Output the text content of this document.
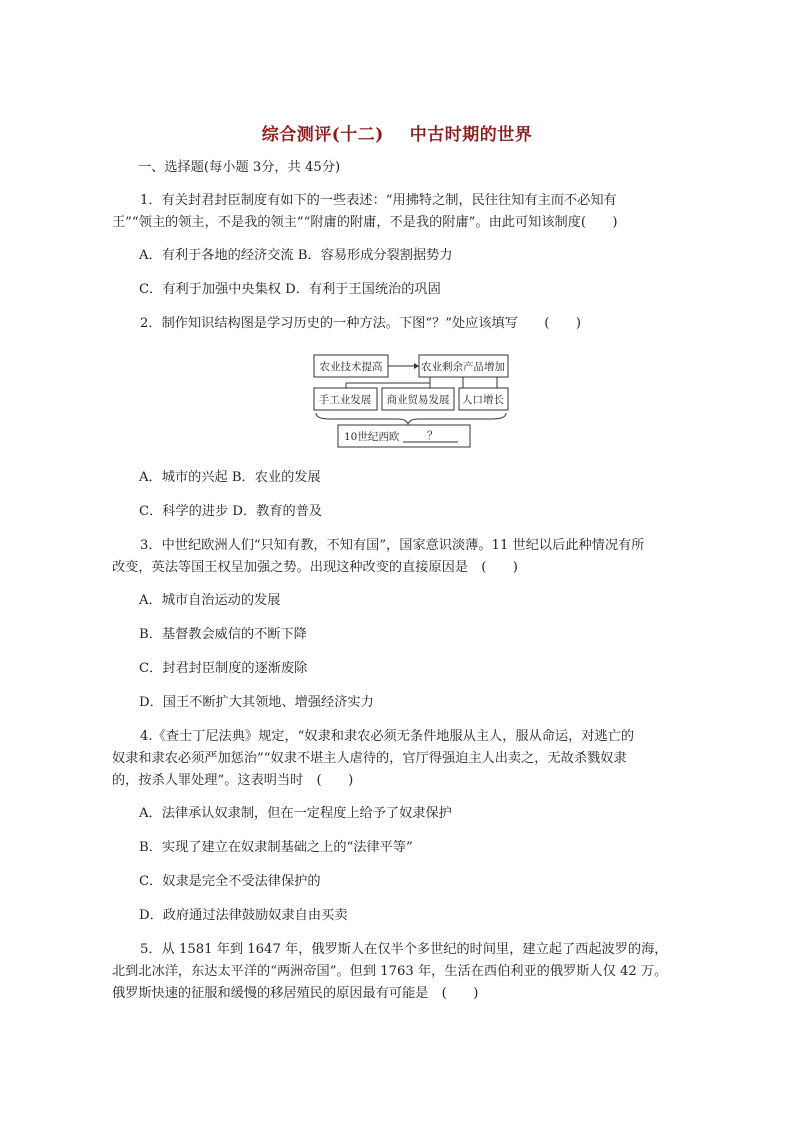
综合测评(十二) 中古时期的世界
一、选择题(每小题 3分，共 45分)
1．有关封君封臣制度有如下的一些表述：“用拂特之制，民往往知有主而不必知有
王”“领主的领主，不是我的领主”“附庸的附庸，不是我的附庸”。由此可知该制度(　　)
A．有利于各地的经济交流 B．容易形成分裂割据势力
C．有利于加强中央集权 D．有利于王国统治的巩固
2．制作知识结构图是学习历史的一种方法。下图“？”处应该填写　　(　　)
农业技术提高	农业剩余产品增加
手工业发展 商业贸易发展 人口增长
10世纪西欧	？
A．城市的兴起 B．农业的发展
C．科学的进步 D．教育的普及
3．中世纪欧洲人们“只知有教，不知有国”，国家意识淡薄。11 世纪以后此种情况有所
改变，英法等国王权呈加强之势。出现这种改变的直接原因是　(　　)
A．城市自治运动的发展
B．基督教会威信的不断下降
C．封君封臣制度的逐渐废除
D．国王不断扩大其领地、增强经济实力
4.《查士丁尼法典》规定，“奴隶和隶农必须无条件地服从主人，服从命运，对逃亡的
奴隶和隶农必须严加惩治”“奴隶不堪主人虐待的，官厅得强迫主人出卖之，无故杀戮奴隶
的，按杀人罪处理”。这表明当时　(　　)
A．法律承认奴隶制，但在一定程度上给予了奴隶保护
B．实现了建立在奴隶制基础之上的“法律平等”
C．奴隶是完全不受法律保护的
D．政府通过法律鼓励奴隶自由买卖
5．从 1581 年到 1647 年，俄罗斯人在仅半个多世纪的时间里，建立起了西起波罗的海，
北到北冰洋，东达太平洋的“两洲帝国”。但到 1763 年，生活在西伯利亚的俄罗斯人仅 42 万。
俄罗斯快速的征服和缓慢的移居殖民的原因最有可能是　(　　)
